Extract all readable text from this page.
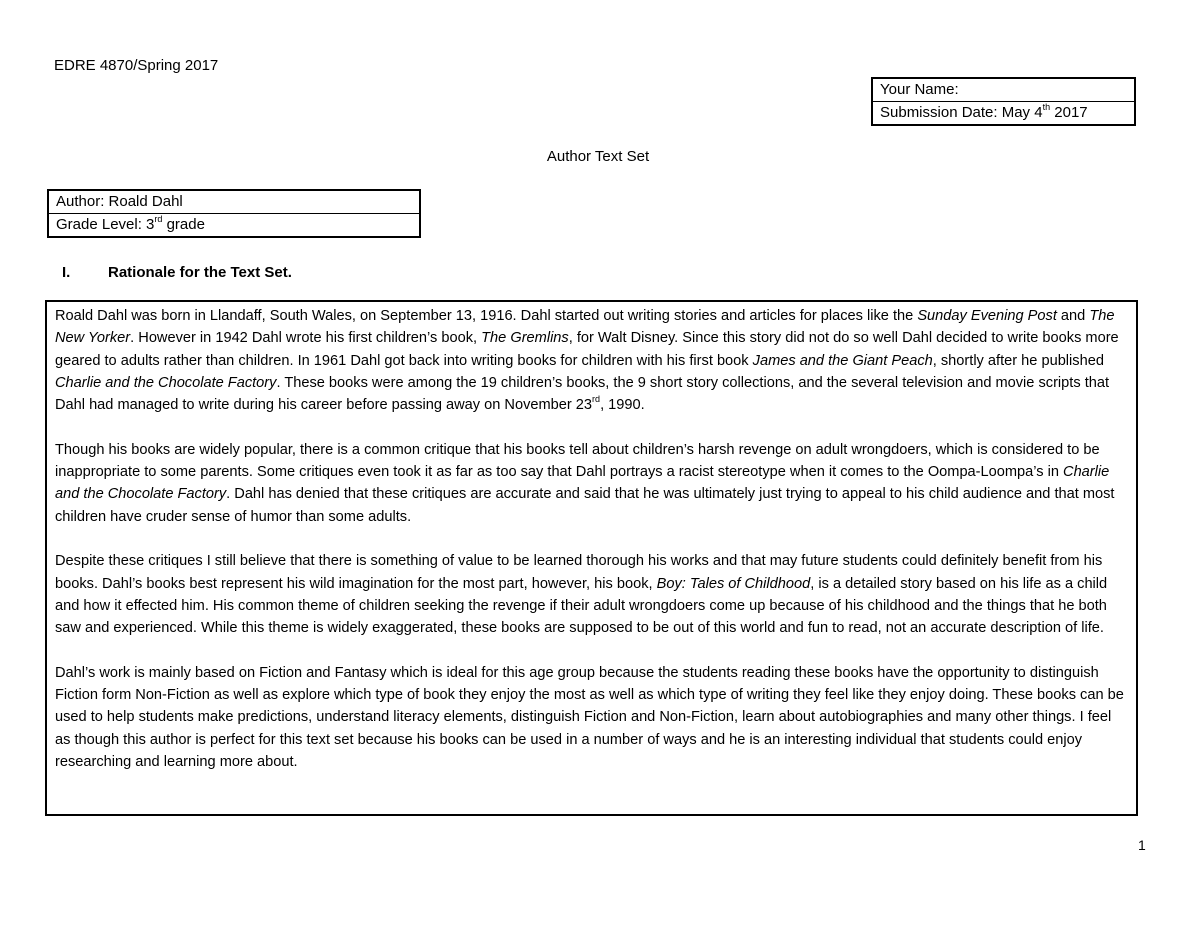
EDRE 4870/Spring 2017
Your Name:
Submission Date: May 4th 2017
Author Text Set
Author: Roald Dahl
Grade Level: 3rd grade
I.	Rationale for the Text Set.

Roald Dahl was born in Llandaff, South Wales, on September 13, 1916. Dahl started out writing stories and articles for places like the Sunday Evening Post and The New Yorker. However in 1942 Dahl wrote his first children’s book, The Gremlins, for Walt Disney. Since this story did not do so well Dahl decided to write books more geared to adults rather than children. In 1961 Dahl got back into writing books for children with his first book James and the Giant Peach, shortly after he published Charlie and the Chocolate Factory. These books were among the 19 children’s books, the 9 short story collections, and the several television and movie scripts that Dahl had managed to write during his career before passing away on November 23rd, 1990.

Though his books are widely popular, there is a common critique that his books tell about children’s harsh revenge on adult wrongdoers, which is considered to be inappropriate to some parents. Some critiques even took it as far as too say that Dahl portrays a racist stereotype when it comes to the Oompa-Loompa’s in Charlie and the Chocolate Factory. Dahl has denied that these critiques are accurate and said that he was ultimately just trying to appeal to his child audience and that most children have cruder sense of humor than some adults.

Despite these critiques I still believe that there is something of value to be learned thorough his works and that may future students could definitely benefit from his books. Dahl’s books best represent his wild imagination for the most part, however, his book, Boy: Tales of Childhood, is a detailed story based on his life as a child and how it effected him. His common theme of children seeking the revenge if their adult wrongdoers come up because of his childhood and the things that he both saw and experienced. While this theme is widely exaggerated, these books are supposed to be out of this world and fun to read, not an accurate description of life.

Dahl’s work is mainly based on Fiction and Fantasy which is ideal for this age group because the students reading these books have the opportunity to distinguish Fiction form Non-Fiction as well as explore which type of book they enjoy the most as well as which type of writing they feel like they enjoy doing. These books can be used to help students make predictions, understand literacy elements, distinguish Fiction and Non-Fiction, learn about autobiographies and many other things. I feel as though this author is perfect for this text set because his books can be used in a number of ways and he is an interesting individual that students could enjoy researching and learning more about.

1
